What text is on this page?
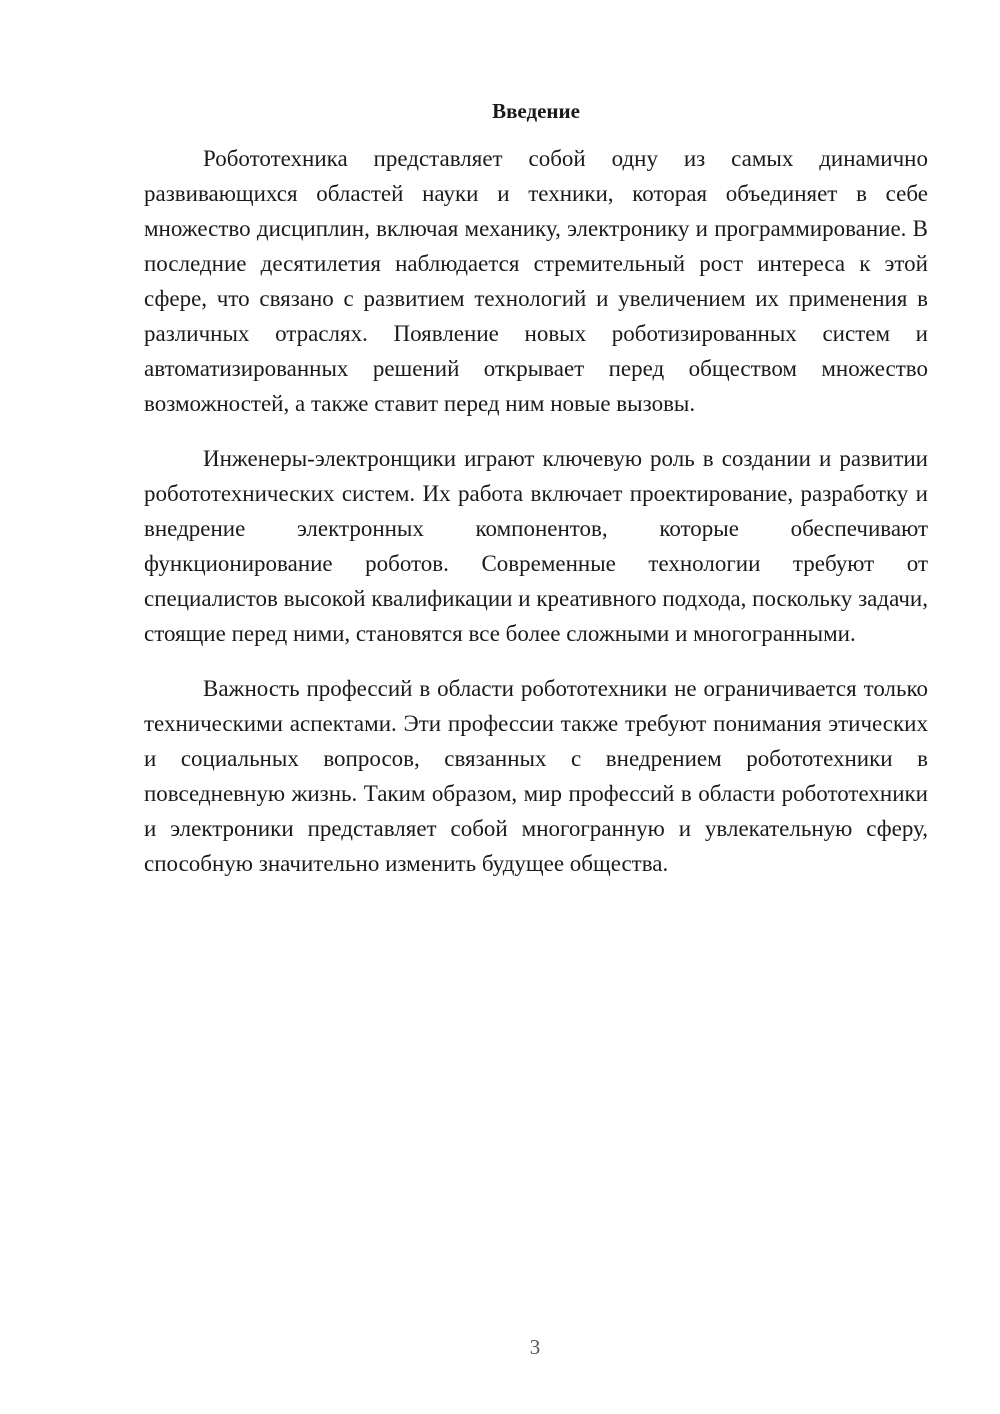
Введение

Робототехника представляет собой одну из самых динамично развивающихся областей науки и техники, которая объединяет в себе множество дисциплин, включая механику, электронику и программирование. В последние десятилетия наблюдается стремительный рост интереса к этой сфере, что связано с развитием технологий и увеличением их применения в различных отраслях. Появление новых роботизированных систем и автоматизированных решений открывает перед обществом множество возможностей, а также ставит перед ним новые вызовы.

Инженеры-электронщики играют ключевую роль в создании и развитии робототехнических систем. Их работа включает проектирование, разработку и внедрение электронных компонентов, которые обеспечивают функционирование роботов. Современные технологии требуют от специалистов высокой квалификации и креативного подхода, поскольку задачи, стоящие перед ними, становятся все более сложными и многогранными.

Важность профессий в области робототехники не ограничивается только техническими аспектами. Эти профессии также требуют понимания этических и социальных вопросов, связанных с внедрением робототехники в повседневную жизнь. Таким образом, мир профессий в области робототехники и электроники представляет собой многогранную и увлекательную сферу, способную значительно изменить будущее общества.

3
